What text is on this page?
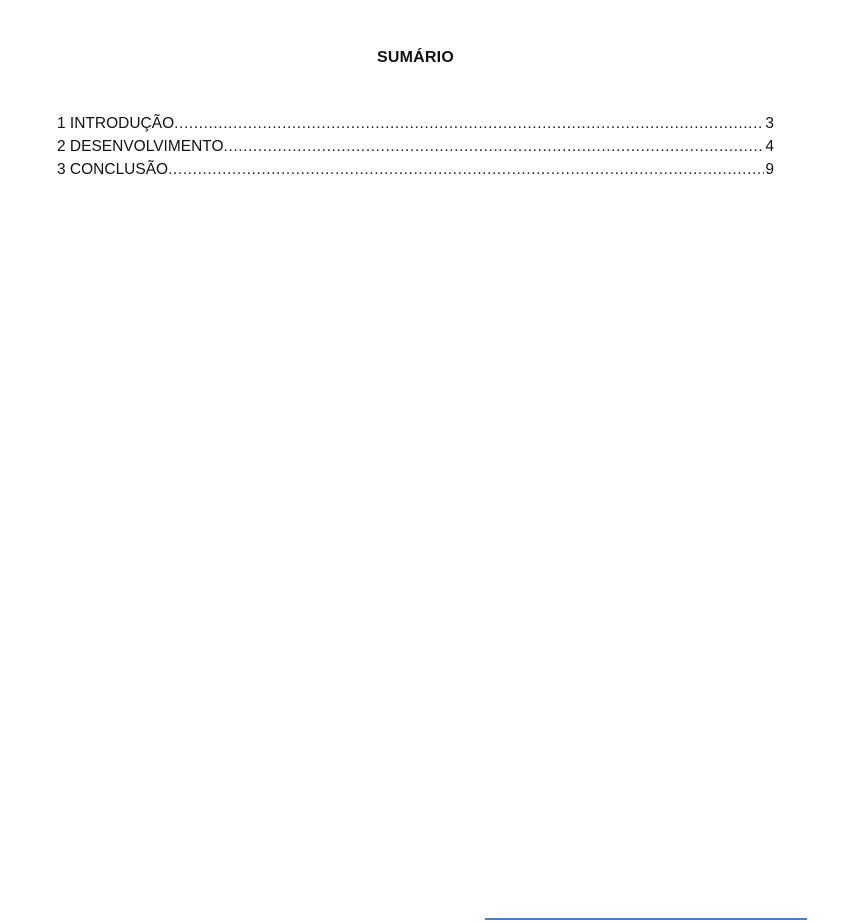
SUMÁRIO
1 INTRODUÇÃO .....	3
2 DESENVOLVIMENTO .....	4
3 CONCLUSÃO .....	9
